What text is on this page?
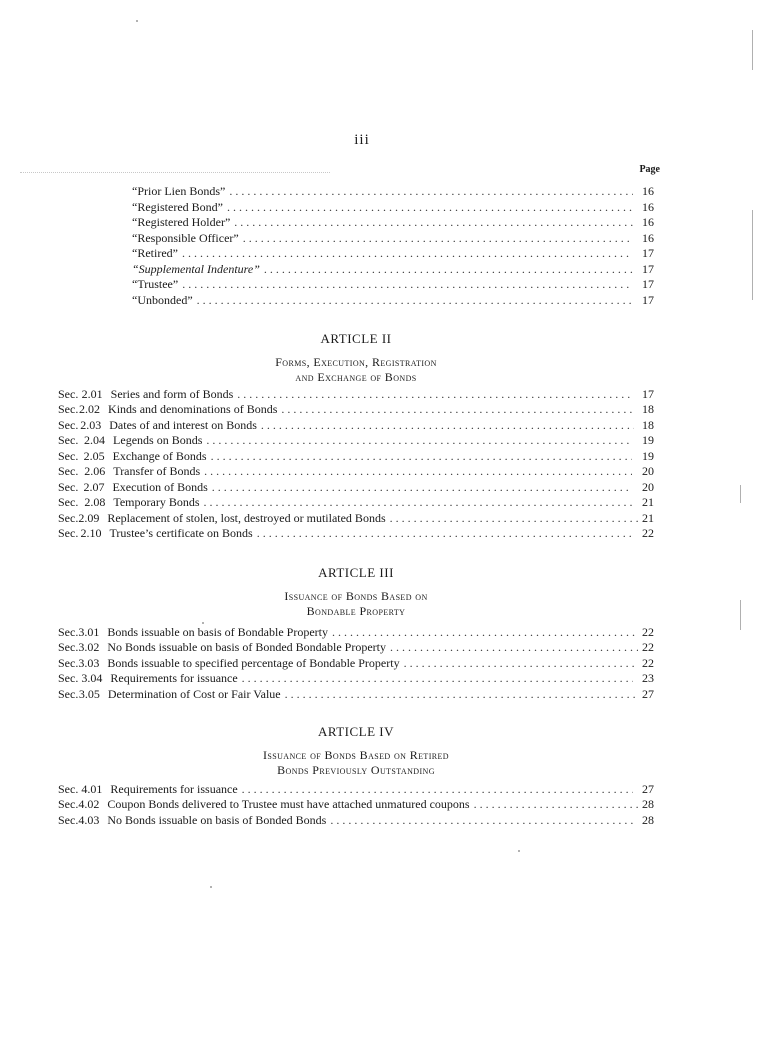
iii
Page
“Prior Lien Bonds” . . .	16
“Registered Bond” . . .	16
“Registered Holder” . . .	16
“Responsible Officer” . . .	16
“Retired” . . .	17
“Supplemental Indenture” . . .	17
“Trustee” . . .	17
“Unbonded” . . .	17
ARTICLE II
Forms, Execution, Registration
and Exchange of Bonds
Sec. 2.01 Series and form of Bonds . . .	17
Sec. 2.02 Kinds and denominations of Bonds . . .	18
Sec. 2.03 Dates of and interest on Bonds . . .	18
Sec. 2.04 Legends on Bonds . . .	19
Sec. 2.05 Exchange of Bonds . . .	19
Sec. 2.06 Transfer of Bonds . . .	20
Sec. 2.07 Execution of Bonds . . .	20
Sec. 2.08 Temporary Bonds . . .	21
Sec. 2.09 Replacement of stolen, lost, destroyed or mutilated Bonds . . .	21
Sec. 2.10 Trustee’s certificate on Bonds . . .	22
ARTICLE III
Issuance of Bonds Based on
Bondable Property
Sec. 3.01 Bonds issuable on basis of Bondable Property . . .	22
Sec. 3.02 No Bonds issuable on basis of Bonded Bondable Property . . .	22
Sec. 3.03 Bonds issuable to specified percentage of Bondable Property . . .	22
Sec. 3.04 Requirements for issuance . . .	23
Sec. 3.05 Determination of Cost or Fair Value . . .	27
ARTICLE IV
Issuance of Bonds Based on Retired
Bonds Previously Outstanding
Sec. 4.01 Requirements for issuance . . .	27
Sec. 4.02 Coupon Bonds delivered to Trustee must have attached unmatured coupons . . .	28
Sec. 4.03 No Bonds issuable on basis of Bonded Bonds . . .	28
